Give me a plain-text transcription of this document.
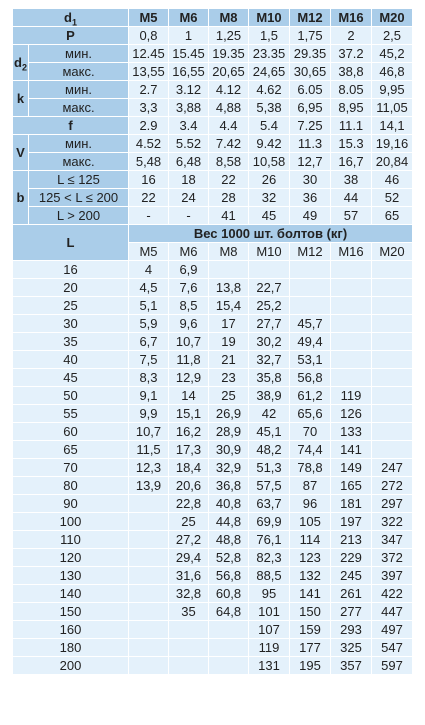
$d_1$		M5	M6	M8	M10	M12	M16	M20
P		0,8	1	1,25	1,5	1,75	2	2,5
$d_2$	мин.	12.45	15.45	19.35	23.35	29.35	37.2	45,2
	макс.	13,55	16,55	20,65	24,65	30,65	38,8	46,8
k	мин.	2.7	3.12	4.12	4.62	6.05	8.05	9,95
	макс.	3,3	3,88	4,88	5,38	6,95	8,95	11,05
f		2.9	3.4	4.4	5.4	7.25	11.1	14,1
V	мин.	4.52	5.52	7.42	9.42	11.3	15.3	19,16
	макс.	5,48	6,48	8,58	10,58	12,7	16,7	20,84
b	L ≤ 125	16	18	22	26	30	38	46
	125 < L ≤ 200	22	24	28	32	36	44	52
	L > 200	-	-	41	45	49	57	65
L		Вес 1000 шт. болтов (кг)						
		M5	M6	M8	M10	M12	M16	M20
16		4	6,9					
20		4,5	7,6	13,8	22,7			
25		5,1	8,5	15,4	25,2			
30		5,9	9,6	17	27,7	45,7		
35		6,7	10,7	19	30,2	49,4		
40		7,5	11,8	21	32,7	53,1		
45		8,3	12,9	23	35,8	56,8		
50		9,1	14	25	38,9	61,2	119	
55		9,9	15,1	26,9	42	65,6	126	
60		10,7	16,2	28,9	45,1	70	133	
65		11,5	17,3	30,9	48,2	74,4	141	
70		12,3	18,4	32,9	51,3	78,8	149	247
80		13,9	20,6	36,8	57,5	87	165	272
90			22,8	40,8	63,7	96	181	297
100			25	44,8	69,9	105	197	322
110			27,2	48,8	76,1	114	213	347
120			29,4	52,8	82,3	123	229	372
130			31,6	56,8	88,5	132	245	397
140			32,8	60,8	95	141	261	422
150			35	64,8	101	150	277	447
160					107	159	293	497
180					119	177	325	547
200					131	195	357	597
